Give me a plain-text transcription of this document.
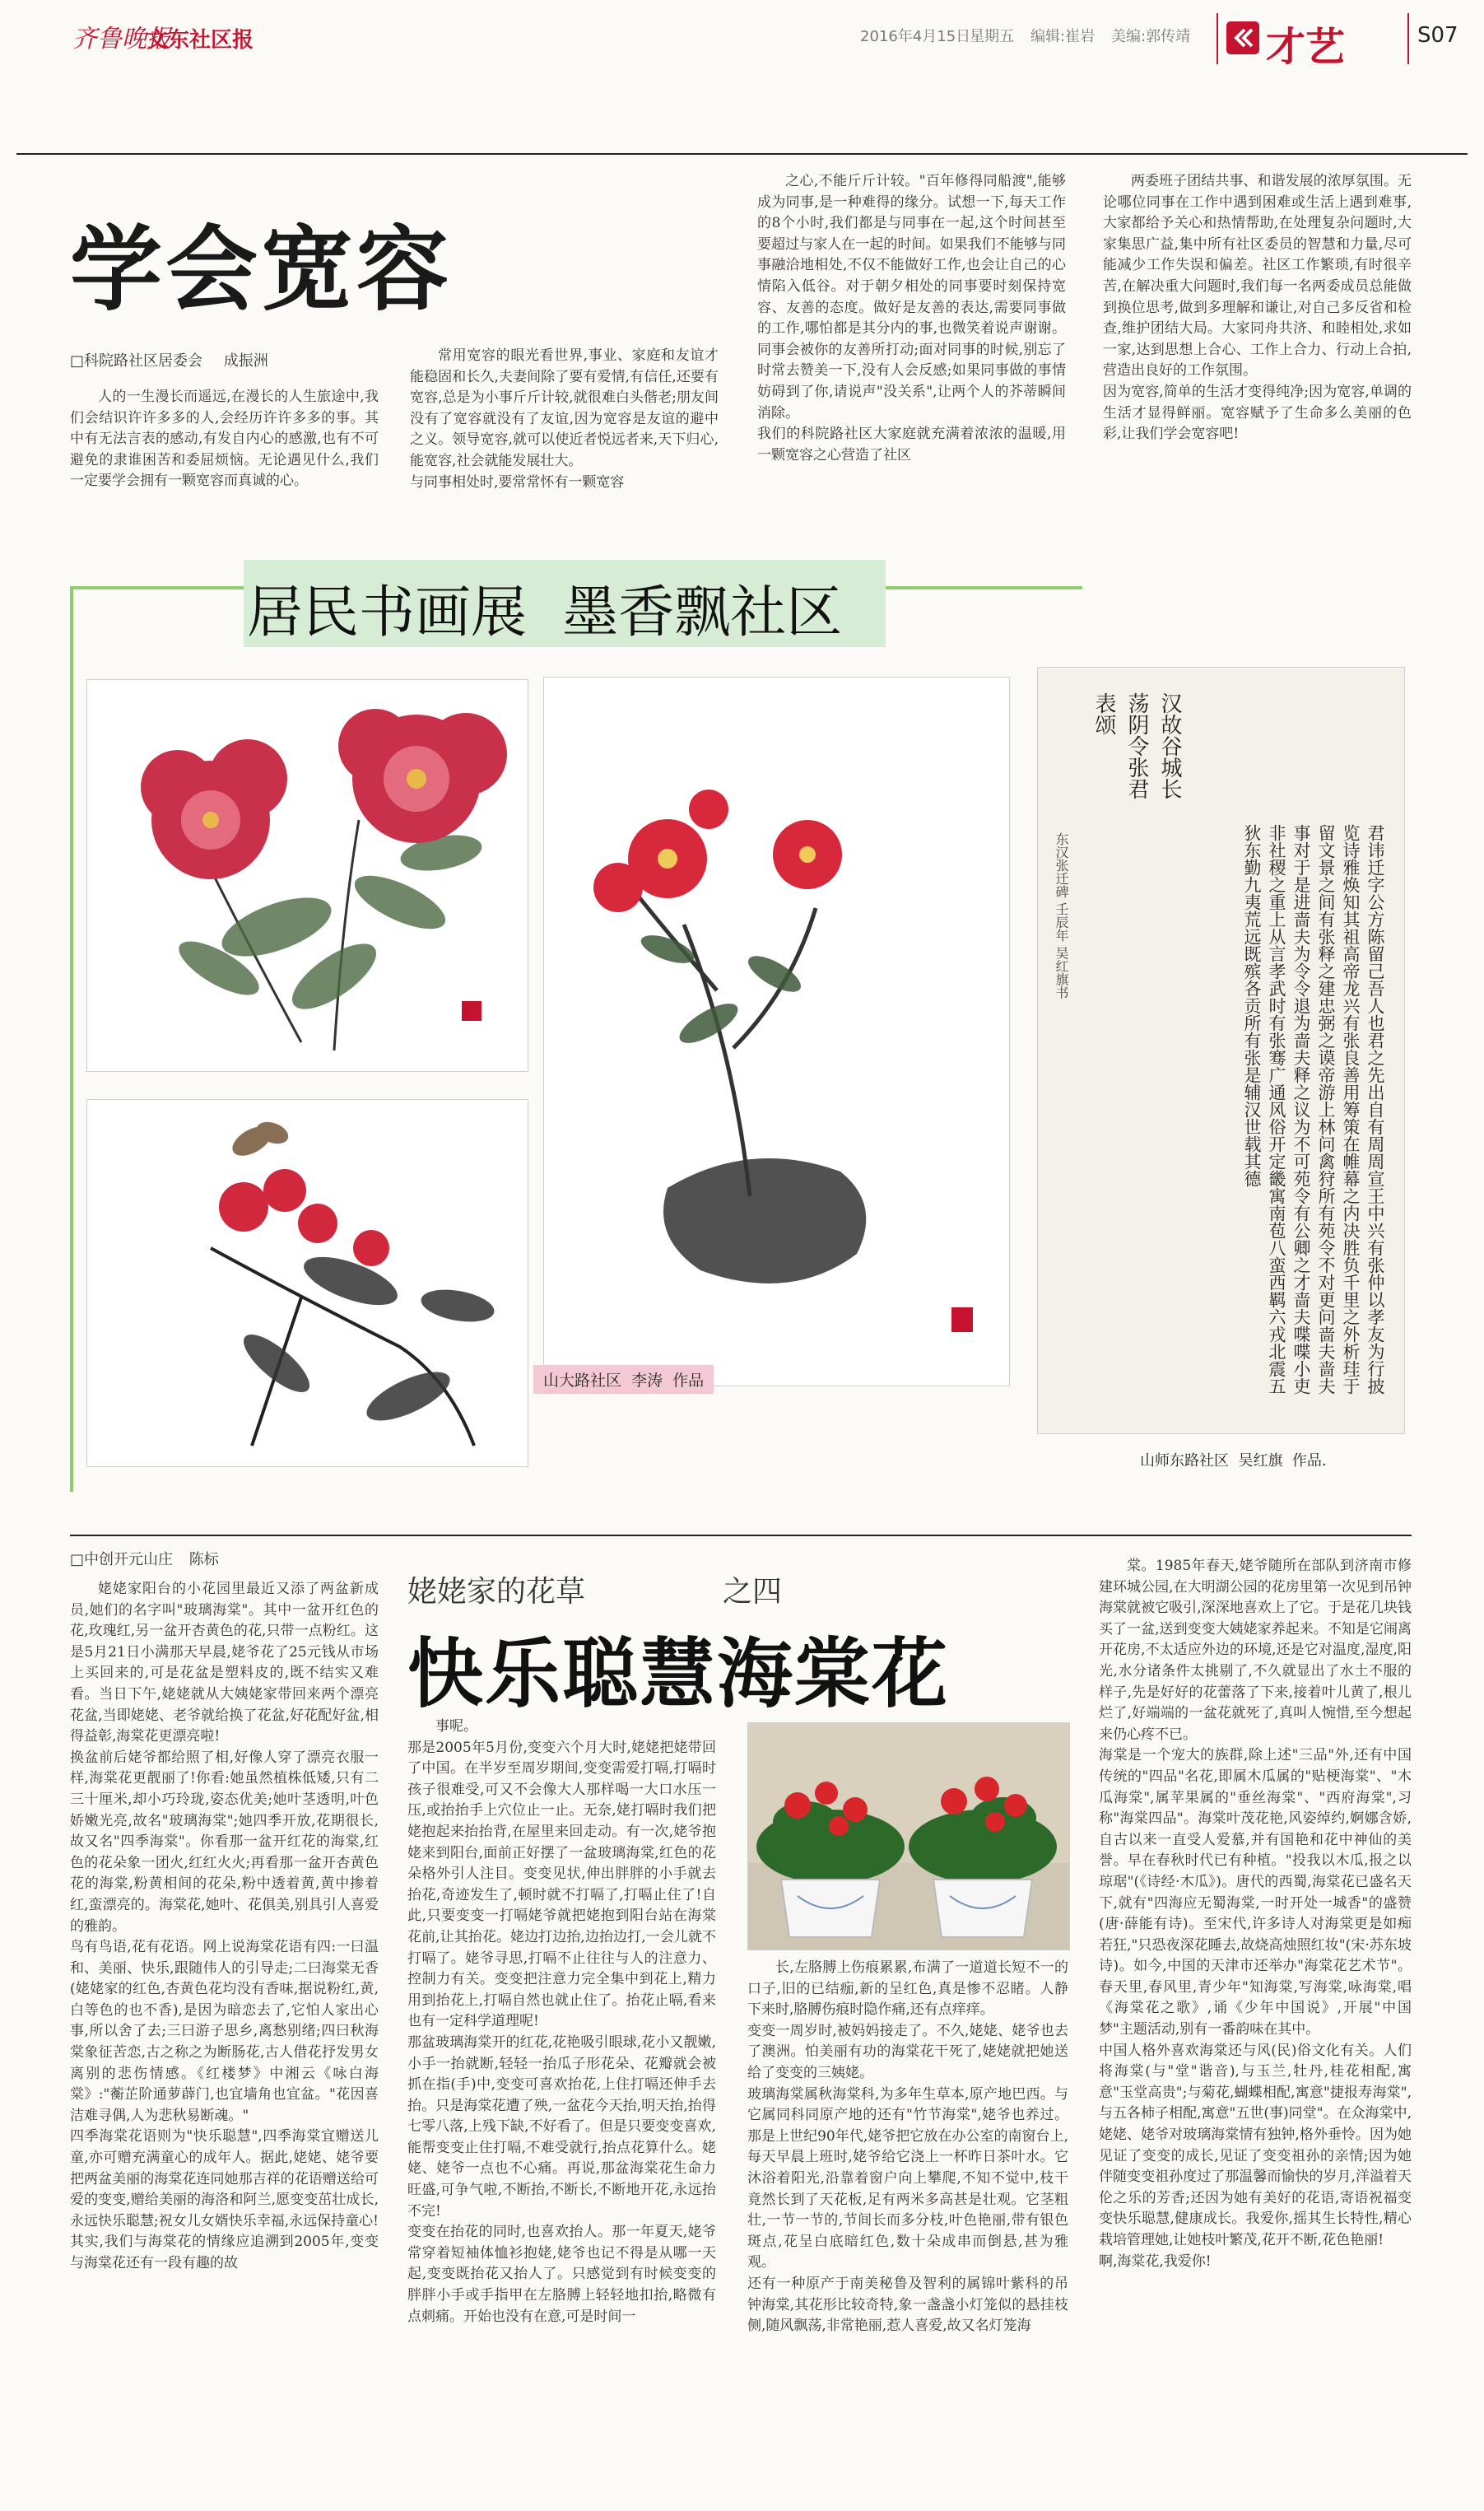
齐鲁晚报
文东社区报	2016年4月15日
星期五 编辑:崔岩 美编:郭传靖 才艺	S07
学会宽容
□科院路社区居委会 成振洲

人的一生漫长而遥远,在漫长的人生旅途中,我们会结识许许多多的人,会经历许许多多的事。其中有无法言表的感动,有发自内心的感激,也有不可避免的隶谁困苦和委屈烦恼。无论遇见什么,我们一定要学会拥有一颗宽容而真诚的心。

常用宽容的眼光看世界,事业、家庭和友谊才能稳固和长久,夫妻间除了要有爱情,有信任,还要有宽容,总是为小事斤斤计较,就很难白头偕老;朋友间没有了宽容就没有了友谊,因为宽容是友谊的避中之义。领导宽容,就可以使近者悦远者来,天下归心,能宽容,社会就能发展壮大。
与同事相处时,要常常怀有一颗宽容

之心,不能斤斤计较。"百年修得同船渡",能够成为同事,是一种难得的缘分。试想一下,每天工作的8个小时,我们都是与同事在一起,这个时间甚至要超过与家人在一起的时间。如果我们不能够与同事融洽地相处,不仅不能做好工作,也会让自己的心情陷入低谷。对于朝夕相处的同事要时刻保持宽容、友善的态度。做好是友善的表达,需要同事做的工作,哪怕都是其分内的事,也微笑着说声谢谢。同事会被你的友善所打动;面对同事的时候,别忘了时常去赞美一下,没有人会反感;如果同事做的事情妨碍到了你,请说声"没关系",让两个人的芥蒂瞬间消除。
我们的科院路社区大家庭就充满着浓浓的温暖,用一颗宽容之心营造了社区

两委班子团结共事、和谐发展的浓厚氛围。无论哪位同事在工作中遇到困难或生活上遇到难事,大家都给予关心和热情帮助,在处理复杂问题时,大家集思广益,集中所有社区委员的智慧和力量,尽可能减少工作失误和偏差。社区工作繁琐,有时很辛苦,在解决重大问题时,我们每一名两委成员总能做到换位思考,做到多理解和谦让,对自己多反省和检查,维护团结大局。大家同舟共济、和睦相处,求如一家,达到思想上合心、工作上合力、行动上合拍,营造出良好的工作氛围。
因为宽容,简单的生活才变得纯净;因为宽容,单调的生活才显得鲜丽。宽容赋予了生命多么美丽的色彩,让我们学会宽容吧!

居民书画展  墨香飘社区
山大路社区  李涛  作品
汉故谷城长荡阴令张君表颂
君讳迁字公方陈留己吾人也君之先出自有周周宣王中兴有张仲以孝友为行披览诗雅焕知其祖高帝龙兴有张良善用筹策在帷幕之内决胜负千里之外析珪于留文景之间有张释之建忠弼之谟帝游上林问禽狩所有苑令不对更问啬夫啬夫事对于是进啬夫为令令退为啬夫释之议为不可苑令有公卿之才啬夫喋喋小吏非社稷之重上从言孝武时有张骞广通风俗开定畿寓南苞八蛮西羁六戎北震五狄东勤九夷荒远既殡各贡所有张是辅汉世载其德
东汉张迁碑 壬辰年 吴红旗书
山师东路社区  吴红旗  作品.
□中创开元山庄 陈标
姥姥家的花草	之四
快乐聪慧海棠花

姥姥家阳台的小花园里最近又添了两盆新成员,她们的名字叫"玻璃海棠"。其中一盆开红色的花,玫瑰红,另一盆开杏黄色的花,只带一点粉红。这是5月21日小满那天早晨,姥爷花了25元钱从市场上买回来的,可是花盆是塑料皮的,既不结实又难看。当日下午,姥姥就从大姨姥家带回来两个漂亮花盆,当即姥姥、老爷就给换了花盆,好花配好盆,相得益彰,海棠花更漂亮啦!
换盆前后姥爷都给照了相,好像人穿了漂亮衣服一样,海棠花更靓丽了!你看:她虽然植株低矮,只有二三十厘米,却小巧玲珑,姿态优美;她叶茎透明,叶色娇嫩光亮,故名"玻璃海棠";她四季开放,花期很长,故又名"四季海棠"。你看那一盆开红花的海棠,红色的花朵象一团火,红红火火;再看那一盆开杏黄色花的海棠,粉黄相间的花朵,粉中透着黄,黄中掺着红,蛮漂亮的。海棠花,她叶、花俱美,别具引人喜爱的雅韵。
鸟有鸟语,花有花语。网上说海棠花语有四:一曰温和、美丽、快乐,跟随伟人的引导走;二曰海棠无香(姥姥家的红色,杏黄色花均没有香味,据说粉红,黄,白等色的也不香),是因为暗恋去了,它怕人家出心事,所以舍了去;三曰游子思乡,离愁别绪;四曰秋海棠象征苦恋,古之称之为断肠花,古人借花抒发男女离别的悲伤情感。《红楼梦》中湘云《咏白海棠》:"蘅芷阶通萝薜门,也宜墙角也宜盆。"花因喜洁难寻偶,人为悲秋易断魂。"
四季海棠花语则为"快乐聪慧",四季海棠宜赠送儿童,亦可赠充满童心的成年人。据此,姥姥、姥爷要把两盆美丽的海棠花连同她那吉祥的花语赠送给可爱的变变,赠给美丽的海洛和阿兰,愿变变茁壮成长,永远快乐聪慧;祝女儿女婿快乐幸福,永远保持童心!
其实,我们与海棠花的情缘应追溯到2005年,变变与海棠花还有一段有趣的故

事呢。
那是2005年5月份,变变六个月大时,姥姥把姥带回了中国。在半岁至周岁期间,变变需爱打嗝,打嗝时孩子很难受,可又不会像大人那样喝一大口水压一压,或抬抬手上穴位止一止。无奈,姥打嗝时我们把姥抱起来抬抬背,在屋里来回走动。有一次,姥爷抱姥来到阳台,面前正好摆了一盆玻璃海棠,红色的花朵格外引人注目。变变见状,伸出胖胖的小手就去抬花,奇迹发生了,顿时就不打嗝了,打嗝止住了!自此,只要变变一打嗝姥爷就把姥抱到阳台站在海棠花前,让其抬花。姥边打边抬,边抬边打,一会儿就不打嗝了。姥爷寻思,打嗝不止往往与人的注意力、控制力有关。变变把注意力完全集中到花上,精力用到抬花上,打嗝自然也就止住了。抬花止嗝,看来也有一定科学道理呢!
那盆玻璃海棠开的红花,花艳吸引眼球,花小又靓嫩,小手一抬就断,轻轻一抬瓜子形花朵、花瓣就会被抓在指(手)中,变变可喜欢抬花,上住打嗝还伸手去抬。只是海棠花遭了殃,一盆花今天抬,明天抬,抬得七零八落,上残下缺,不好看了。但是只要变变喜欢,能帮变变止住打嗝,不难受就行,抬点花算什么。姥姥、姥爷一点也不心痛。再说,那盆海棠花生命力旺盛,可争气啦,不断抬,不断长,不断地开花,永远抬不完!
变变在抬花的同时,也喜欢抬人。那一年夏天,姥爷常穿着短袖体恤衫抱姥,姥爷也记不得是从哪一天起,变变既抬花又抬人了。只感觉到有时候变变的胖胖小手或手指甲在左胳膊上轻轻地扣抬,略微有点刺痛。开始也没有在意,可是时间一

长,左胳膊上伤痕累累,布满了一道道长短不一的口子,旧的已结痂,新的呈红色,真是惨不忍睹。人静下来时,胳膊伤痕时隐作痛,还有点痒痒。
变变一周岁时,被妈妈接走了。不久,姥姥、姥爷也去了澳洲。怕美丽有功的海棠花干死了,姥姥就把她送给了变变的三姨姥。
玻璃海棠属秋海棠科,为多年生草本,原产地巴西。与它属同科同原产地的还有"竹节海棠",姥爷也养过。那是上世纪90年代,姥爷把它放在办公室的南窗台上,每天早晨上班时,姥爷给它浇上一杯昨日茶叶水。它沐浴着阳光,沿靠着窗户向上攀爬,不知不觉中,枝干竟然长到了天花板,足有两米多高甚是壮观。它茎粗壮,一节一节的,节间长而多分枝,叶色艳丽,带有银色斑点,花呈白底暗红色,数十朵成串而倒悬,甚为雅观。
还有一种原产于南美秘鲁及智利的属锦叶紫科的吊钟海棠,其花形比较奇特,象一盏盏小灯笼似的悬挂枝侧,随风飘荡,非常艳丽,惹人喜爱,故又名灯笼海

棠。1985年春天,姥爷随所在部队到济南市修建环城公园,在大明湖公园的花房里第一次见到吊钟海棠就被它吸引,深深地喜欢上了它。于是花几块钱买了一盆,送到变变大姨姥家养起来。不知是它闹离开花房,不太适应外边的环境,还是它对温度,湿度,阳光,水分诸条件太挑剔了,不久就显出了水土不服的样子,先是好好的花蕾落了下来,接着叶儿黄了,根儿烂了,好端端的一盆花就死了,真叫人惋惜,至今想起来仍心疼不已。
海棠是一个宠大的族群,除上述"三品"外,还有中国传统的"四品"名花,即属木瓜属的"贴梗海棠"、"木瓜海棠",属苹果属的"垂丝海棠"、"西府海棠",习称"海棠四品"。海棠叶茂花艳,风姿绰约,婀娜含娇,自古以来一直受人爱慕,并有国艳和花中神仙的美誉。早在春秋时代已有种植。"投我以木瓜,报之以琼琚"(《诗经·木瓜》)。唐代的西蜀,海棠花已盛名天下,就有"四海应无蜀海棠,一时开处一城香"的盛赞(唐·薛能有诗)。至宋代,许多诗人对海棠更是如痴若狂,"只恐夜深花睡去,故烧高烛照红妆"(宋·苏东坡诗)。如今,中国的天津市还举办"海棠花艺术节"。春天里,春风里,青少年"知海棠,写海棠,咏海棠,唱《海棠花之歌》,诵《少年中国说》,开展"中国梦"主题活动,别有一番韵味在其中。
中国人格外喜欢海棠还与风(民)俗文化有关。人们将海棠(与"堂"谐音),与玉兰,牡丹,桂花相配,寓意"玉堂高贵";与菊花,蝴蝶相配,寓意"捷报寿海棠",与五各柿子相配,寓意"五世(事)同堂"。在众海棠中,姥姥、姥爷对玻璃海棠情有独钟,格外垂怜。因为她见证了变变的成长,见证了变变祖孙的亲情;因为她伴随变变祖孙度过了那温馨而愉快的岁月,洋溢着天伦之乐的芳香;还因为她有美好的花语,寄语祝福变变快乐聪慧,健康成长。我爱你,摇其生长特性,精心栽培管理她,让她枝叶繁茂,花开不断,花色艳丽!
啊,海棠花,我爱你!
